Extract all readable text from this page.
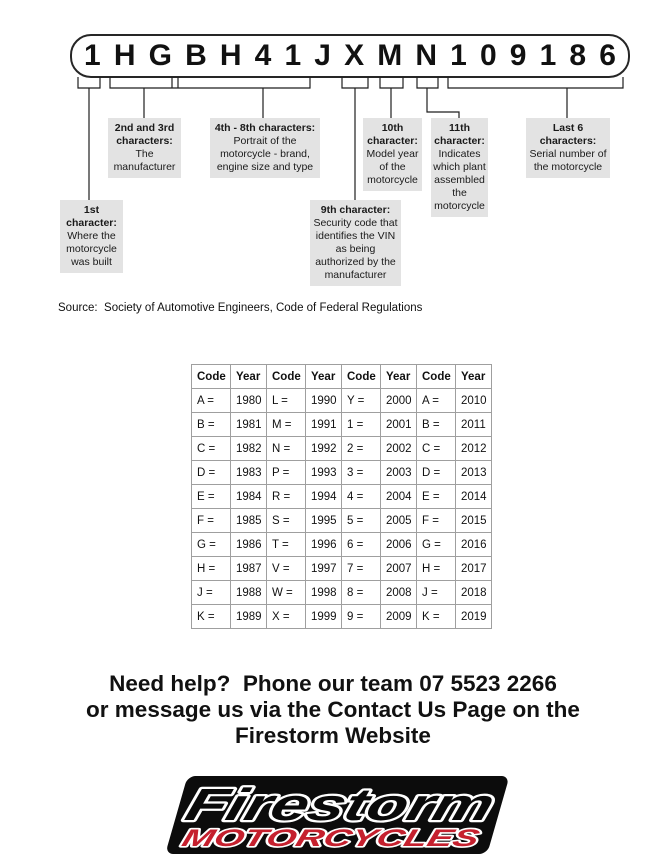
1 H G B H 4 1 J X M N 1 0 9 1 8 6
1st character:
Where the motorcycle was built
2nd and 3rd characters:
The manufacturer
4th - 8th characters:
Portrait of the motorcycle - brand, engine size and type
9th character:
Security code that identifies the VIN as being authorized by the manufacturer
10th character:
Model year of the motorcycle
11th character:
Indicates which plant assembled the motorcycle
Last 6 characters:
Serial number of the motorcycle
Source:  Society of Automotive Engineers, Code of Federal Regulations
Code	Year	Code	Year	Code	Year	Code	Year
A =	1980	L =	1990	Y =	2000	A =	2010
B =	1981	M =	1991	1 =	2001	B =	2011
C =	1982	N =	1992	2 =	2002	C =	2012
D =	1983	P =	1993	3 =	2003	D =	2013
E =	1984	R =	1994	4 =	2004	E =	2014
F =	1985	S =	1995	5 =	2005	F =	2015
G =	1986	T =	1996	6 =	2006	G =	2016
H =	1987	V =	1997	7 =	2007	H =	2017
J =	1988	W =	1998	8 =	2008	J =	2018
K =	1989	X =	1999	9 =	2009	K =	2019
Need help?  Phone our team 07 5523 2266
or message us via the Contact Us Page on the
Firestorm Website
Firestorm
MOTORCYCLES
